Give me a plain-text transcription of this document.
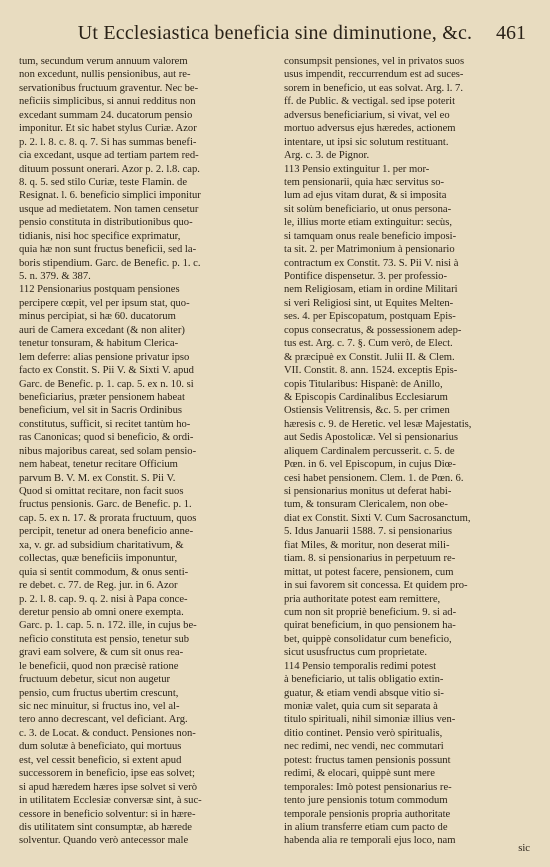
Ut Ecclesiastica beneficia sine diminutione, &c.	461
tum, secundum verum annuum valorem
non excedunt, nullis pensionibus, aut re-
servationibus fructuum graventur. Nec be-
neficiis simplicibus, si annui redditus non
excedant summam 24. ducatorum pensio
imponitur. Et sic habet stylus Curiæ. Azor
p. 2. l. 8. c. 8. q. 7. Si has summas benefi-
cia excedant, usque ad tertiam partem red-
dituum possunt onerari. Azor p. 2. l.8. cap.
8. q. 5. sed stilo Curiæ, teste Flamin. de
Resignat. l. 6. beneficio simplici imponitur
usque ad medietatem. Non tamen censetur
pensio constituta in distributionibus quo-
tidianis, nisi hoc specifice exprimatur,
quia hæ non sunt fructus beneficii, sed la-
boris stipendium. Garc. de Benefic. p. 1. c.
5. n. 379. & 387.
112 Pensionarius postquam pensiones
percipere cœpit, vel per ipsum stat, quo-
minus percipiat, si hæ 60. ducatorum
auri de Camera excedant (& non aliter)
tenetur tonsuram, & habitum Clerica-
lem deferre: alias pensione privatur ipso
facto ex Constit. S. Pii V. & Sixti V. apud
Garc. de Benefic. p. 1. cap. 5. ex n. 10. si
beneficiarius, præter pensionem habeat
beneficium, vel sit in Sacris Ordinibus
constitutus, sufficit, si recitet tantùm ho-
ras Canonicas; quod si beneficio, & ordi-
nibus majoribus careat, sed solam pensio-
nem habeat, tenetur recitare Officium
parvum B. V. M. ex Constit. S. Pii V.
Quod si omittat recitare, non facit suos
fructus pensionis. Garc. de Benefic. p. 1.
cap. 5. ex n. 17. & prorata fructuum, quos
percipit, tenetur ad onera beneficio anne-
xa, v. gr. ad subsidium charitativum, &
collectas, quæ beneficiis imponuntur,
quia si sentit commodum, & onus senti-
re debet. c. 77. de Reg. jur. in 6. Azor
p. 2. l. 8. cap. 9. q. 2. nisi à Papa conce-
deretur pensio ab omni onere exempta.
Garc. p. 1. cap. 5. n. 172. ille, in cujus be-
neficio constituta est pensio, tenetur sub
gravi eam solvere, & cum sit onus rea-
le beneficii, quod non præcisè ratione
fructuum debetur, sicut non augetur
pensio, cum fructus ubertim crescunt,
sic nec minuitur, si fructus ino, vel al-
tero anno decrescant, vel deficiant. Arg.
c. 3. de Locat. & conduct. Pensiones non-
dum solutæ à beneficiato, qui mortuus
est, vel cessit beneficio, si extent apud
successorem in beneficio, ipse eas solvet;
si apud hæredem hæres ipse solvet si verò
in utilitatem Ecclesiæ conversæ sint, à suc-
cessore in beneficio solventur: si in hære-
dis utilitatem sint consumptæ, ab hærede
solventur. Quando verò antecessor male
consumpsit pensiones, vel in privatos suos
usus impendit, reccurrendum est ad suces-
sorem in beneficio, ut eas solvat. Arg. l. 7.
ff. de Public. & vectigal. sed ipse poterit
adversus beneficiarium, si vivat, vel eo
mortuo adversus ejus hæredes, actionem
intentare, ut ipsi sic solutum restituant.
Arg. c. 3. de Pignor.
113 Pensio extinguitur 1. per mor-
tem pensionarii, quia hæc servitus so-
lum ad ejus vitam durat, & si imposita
sit solùm beneficiario, ut onus persona-
le, illius morte etiam extinguitur: secùs,
si tamquam onus reale beneficio imposi-
ta sit. 2. per Matrimonium à pensionario
contractum ex Constit. 73. S. Pii V. nisi à
Pontifice dispensetur. 3. per professio-
nem Religiosam, etiam in ordine Militari
si veri Religiosi sint, ut Equites Melten-
ses. 4. per Episcopatum, postquam Epis-
copus consecratus, & possessionem adep-
tus est. Arg. c. 7. §. Cum verò, de Elect.
& præcipuè ex Constit. Julii II. & Clem.
VII. Constit. 8. ann. 1524. exceptis Epis-
copis Titularibus: Hispanè: de Anillo,
& Episcopis Cardinalibus Ecclesiarum
Ostiensis Velitrensis, &c. 5. per crimen
hæresis c. 9. de Heretic. vel lesæ Majestatis,
aut Sedis Apostolicæ. Vel si pensionarius
aliquem Cardinalem percusserit. c. 5. de
Pœn. in 6. vel Episcopum, in cujus Diœ-
cesi habet pensionem. Clem. 1. de Pœn. 6.
si pensionarius monitus ut deferat habi-
tum, & tonsuram Clericalem, non obe-
diat ex Constit. Sixti V. Cum Sacrosanctum,
5. Idus Januarii 1588. 7. si pensionarius
fiat Miles, & moritur, non deserat mili-
tiam. 8. si pensionarius in perpetuum re-
mittat, ut potest facere, pensionem, cum
in sui favorem sit concessa. Et quidem pro-
pria authoritate potest eam remittere,
cum non sit propriè beneficium. 9. si ad-
quirat beneficium, in quo pensionem ha-
bet, quippè consolidatur cum beneficio,
sicut ususfructus cum proprietate.
114 Pensio temporalis redimi potest
à beneficiario, ut talis obligatio extin-
guatur, & etiam vendi absque vitio si-
moniæ valet, quia cum sit separata à
titulo spirituali, nihil simoniæ illius ven-
ditio continet. Pensio verò spiritualis,
nec redimi, nec vendi, nec commutari
potest: fructus tamen pensionis possunt
redimi, & elocari, quippè sunt mere
temporales: Imò potest pensionarius re-
tento jure pensionis totum commodum
temporale pensionis propria authoritate
in alium transferre etiam cum pacto de
habenda alia re temporali ejus loco, nam
sic
